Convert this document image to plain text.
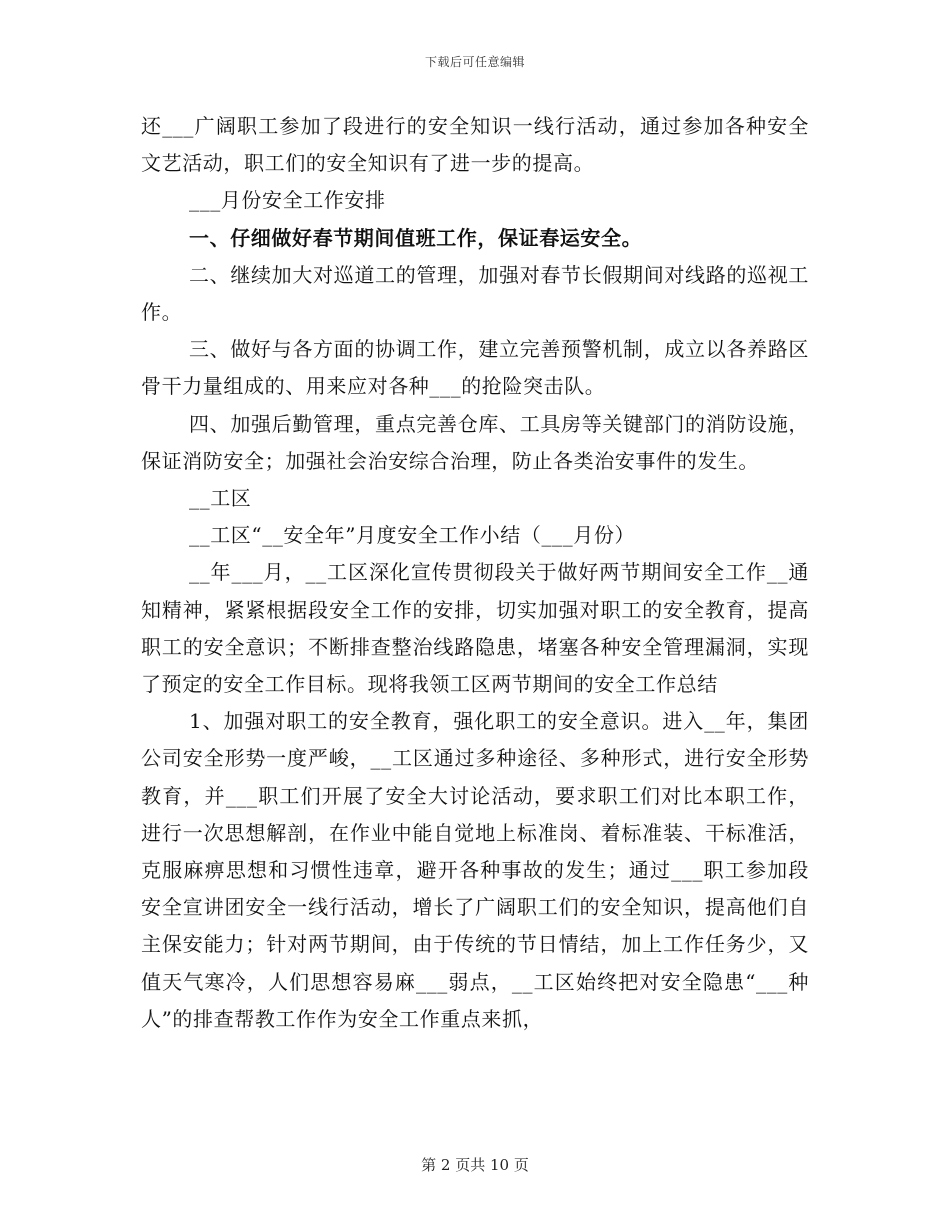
下载后可任意编辑

还___广阔职工参加了段进行的安全知识一线行活动，通过参加各种安全文艺活动，职工们的安全知识有了进一步的提高。

___月份安全工作安排

一、仔细做好春节期间值班工作，保证春运安全。

二、继续加大对巡道工的管理，加强对春节长假期间对线路的巡视工作。

三、做好与各方面的协调工作，建立完善预警机制，成立以各养路区骨干力量组成的、用来应对各种___的抢险突击队。

四、加强后勤管理，重点完善仓库、工具房等关键部门的消防设施，保证消防安全；加强社会治安综合治理，防止各类治安事件的发生。

__工区

__工区“__安全年”月度安全工作小结（___月份）

__年___月，__工区深化宣传贯彻段关于做好两节期间安全工作__通知精神，紧紧根据段安全工作的安排，切实加强对职工的安全教育，提高职工的安全意识；不断排查整治线路隐患，堵塞各种安全管理漏洞，实现了预定的安全工作目标。现将我领工区两节期间的安全工作总结

1、加强对职工的安全教育，强化职工的安全意识。进入__年，集团公司安全形势一度严峻，__工区通过多种途径、多种形式，进行安全形势教育，并___职工们开展了安全大讨论活动，要求职工们对比本职工作，进行一次思想解剖，在作业中能自觉地上标准岗、着标准装、干标准活，克服麻痹思想和习惯性违章，避开各种事故的发生；通过___职工参加段安全宣讲团安全一线行活动，增长了广阔职工们的安全知识，提高他们自主保安能力；针对两节期间，由于传统的节日情结，加上工作任务少，又值天气寒冷，人们思想容易麻___弱点，__工区始终把对安全隐患“___种人”的排查帮教工作作为安全工作重点来抓，

第 2 页共 10 页
